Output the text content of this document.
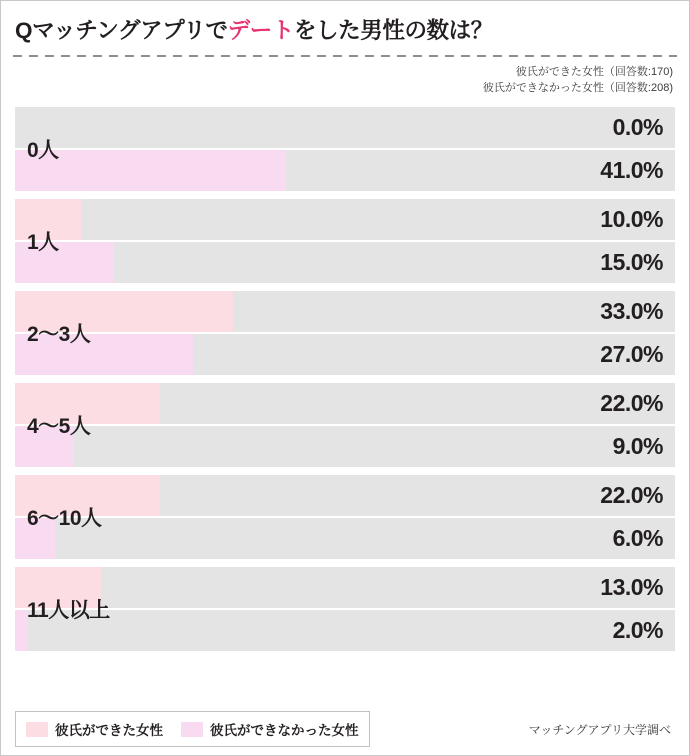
Qマッチングアプリでデートをした男性の数は？
彼氏ができた女性（回答数:170)
彼氏ができなかった女性（回答数:208)
0.0%
41.0%
0人
10.0%
15.0%
1人
33.0%
27.0%
2〜3人
22.0%
9.0%
4〜5人
22.0%
6.0%
6〜10人
13.0%
2.0%
11人以上
彼氏ができた女性	彼氏ができなかった女性	マッチングアプリ大学調べ
